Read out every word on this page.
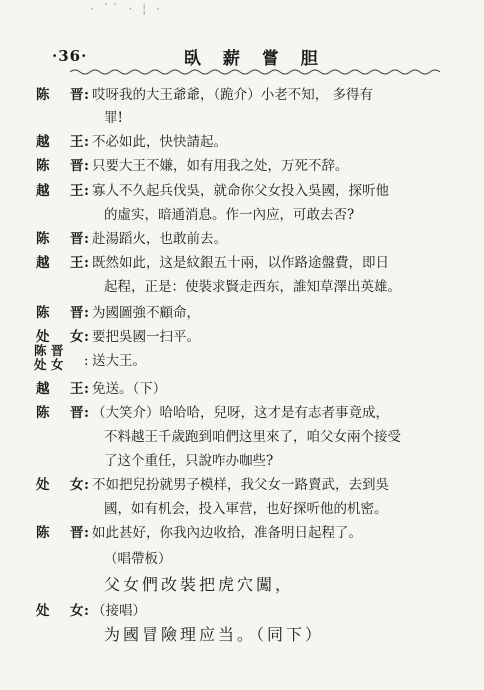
· `` · ¦ ·
·36·	臥 薪 嘗 胆
陈 晋 : 哎呀我的大王爺爺，（跪介）小老不知， 多得有
罪!
越 王 : 不必如此，快快請起。
陈 晋 : 只要大王不嫌，如有用我之处，万死不辞。
越 王 : 寡人不久起兵伐吳，就命你父女投入吳國，探听他
的虛实，暗通消息。作一內应，可敢去否?
陈 晋 : 赴湯蹈火，也敢前去。
越 王 : 既然如此，这是紋銀五十兩，以作路途盤費，即日
起程，正是：使裝求賢走西东，誰知草澤出英雄。
陈 晋 : 为國圖強不顧命，
处 女 : 要把吳國一扫平。
陈 晋
处 女	: 送大王。
越 王 : 免送。（下）
陈 晋 : （大笑介）哈哈哈，兒呀，这才是有志者事竟成，
不料越王千歲跑到咱們这里來了，咱父女兩个接受
了这个重任，只說咋办咖些?
处 女 : 不如把兒扮就男子模样，我父女一路賣武，去到吳
國，如有机会，投入軍营，也好探听他的机密。
陈 晋 : 如此甚好，你我內边收拾，准备明日起程了。
（唱帶板）
父女們改裝把虎穴闖，
处 女 : （接唱）
为國冒險理应当。（同下）
